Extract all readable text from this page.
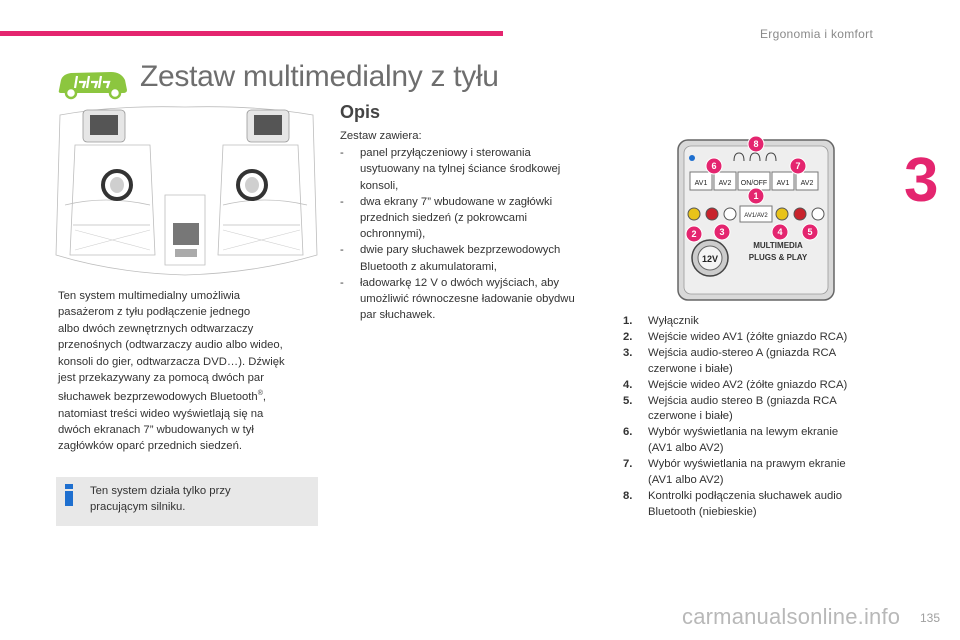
Ergonomia i komfort
3
Zestaw multimedialny z tyłu
Ten system multimedialny umożliwia
pasażerom z tyłu podłączenie jednego
albo dwóch zewnętrznych odtwarzaczy
przenośnych (odtwarzaczy audio albo wideo,
konsoli do gier, odtwarzacza DVD…). Dźwięk
jest przekazywany za pomocą dwóch par
słuchawek bezprzewodowych Bluetooth®,
natomiast treści wideo wyświetlają się na
dwóch ekranach 7” wbudowanych w tył
zagłówków oparć przednich siedzeń.
Ten system działa tylko przy
pracującym silniku.
Opis

Zestaw zawiera:

- panel przyłączeniowy i sterowania
usytuowany na tylnej ściance środkowej
konsoli,
- dwa ekrany 7” wbudowane w zagłówki
przednich siedzeń (z pokrowcami
ochronnymi),
- dwie pary słuchawek bezprzewodowych
Bluetooth z akumulatorami,
- ładowarkę 12 V o dwóch wyjściach, aby
umożliwić równoczesne ładowanie obydwu
par słuchawek.
AV1 AV2 ON/OFF AV1 AV2
AV1/AV2
12V
MULTIMEDIA
PLUGS & PLAY
8
6	7
1
2	3	4	5
1. Wyłącznik
2. Wejście wideo AV1 (żółte gniazdo RCA)
3. Wejścia audio-stereo A (gniazda RCA
czerwone i białe)
4. Wejście wideo AV2 (żółte gniazdo RCA)
5. Wejścia audio stereo B (gniazda RCA
czerwone i białe)
6. Wybór wyświetlania na lewym ekranie
(AV1 albo AV2)
7. Wybór wyświetlania na prawym ekranie
(AV1 albo AV2)
8. Kontrolki podłączenia słuchawek audio
Bluetooth (niebieskie)
carmanualsonline.info 135
